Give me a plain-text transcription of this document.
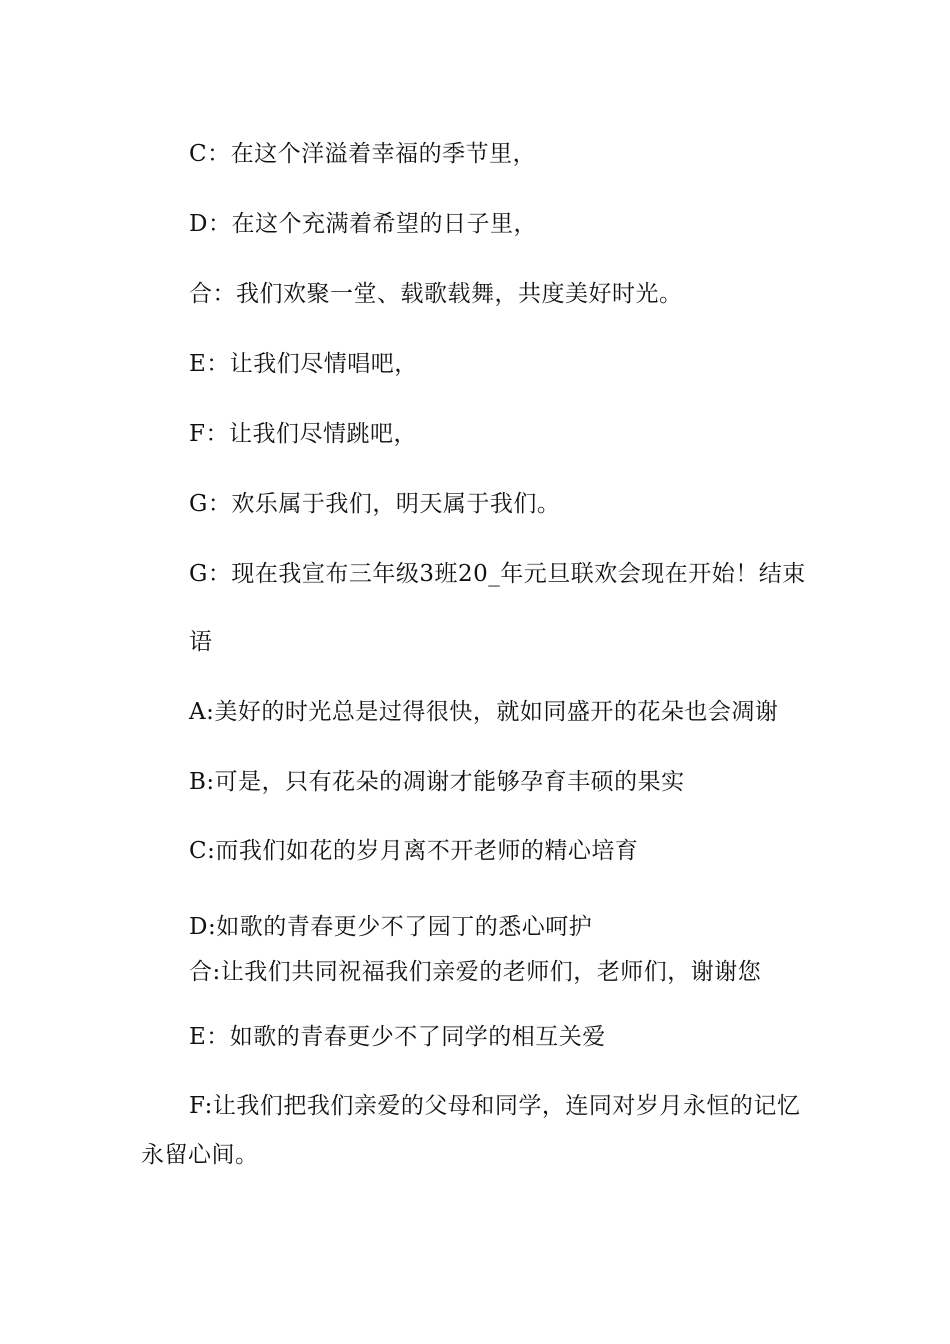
C：在这个洋溢着幸福的季节里，
D：在这个充满着希望的日子里，
合：我们欢聚一堂、载歌载舞，共度美好时光。
E：让我们尽情唱吧，
F：让我们尽情跳吧，
G：欢乐属于我们，明天属于我们。
G：现在我宣布三年级3班20_年元旦联欢会现在开始！结束
语
A:美好的时光总是过得很快，就如同盛开的花朵也会凋谢
B:可是，只有花朵的凋谢才能够孕育丰硕的果实
C:而我们如花的岁月离不开老师的精心培育
D:如歌的青春更少不了园丁的悉心呵护
合:让我们共同祝福我们亲爱的老师们，老师们，谢谢您
E：如歌的青春更少不了同学的相互关爱
F:让我们把我们亲爱的父母和同学，连同对岁月永恒的记忆
永留心间。
